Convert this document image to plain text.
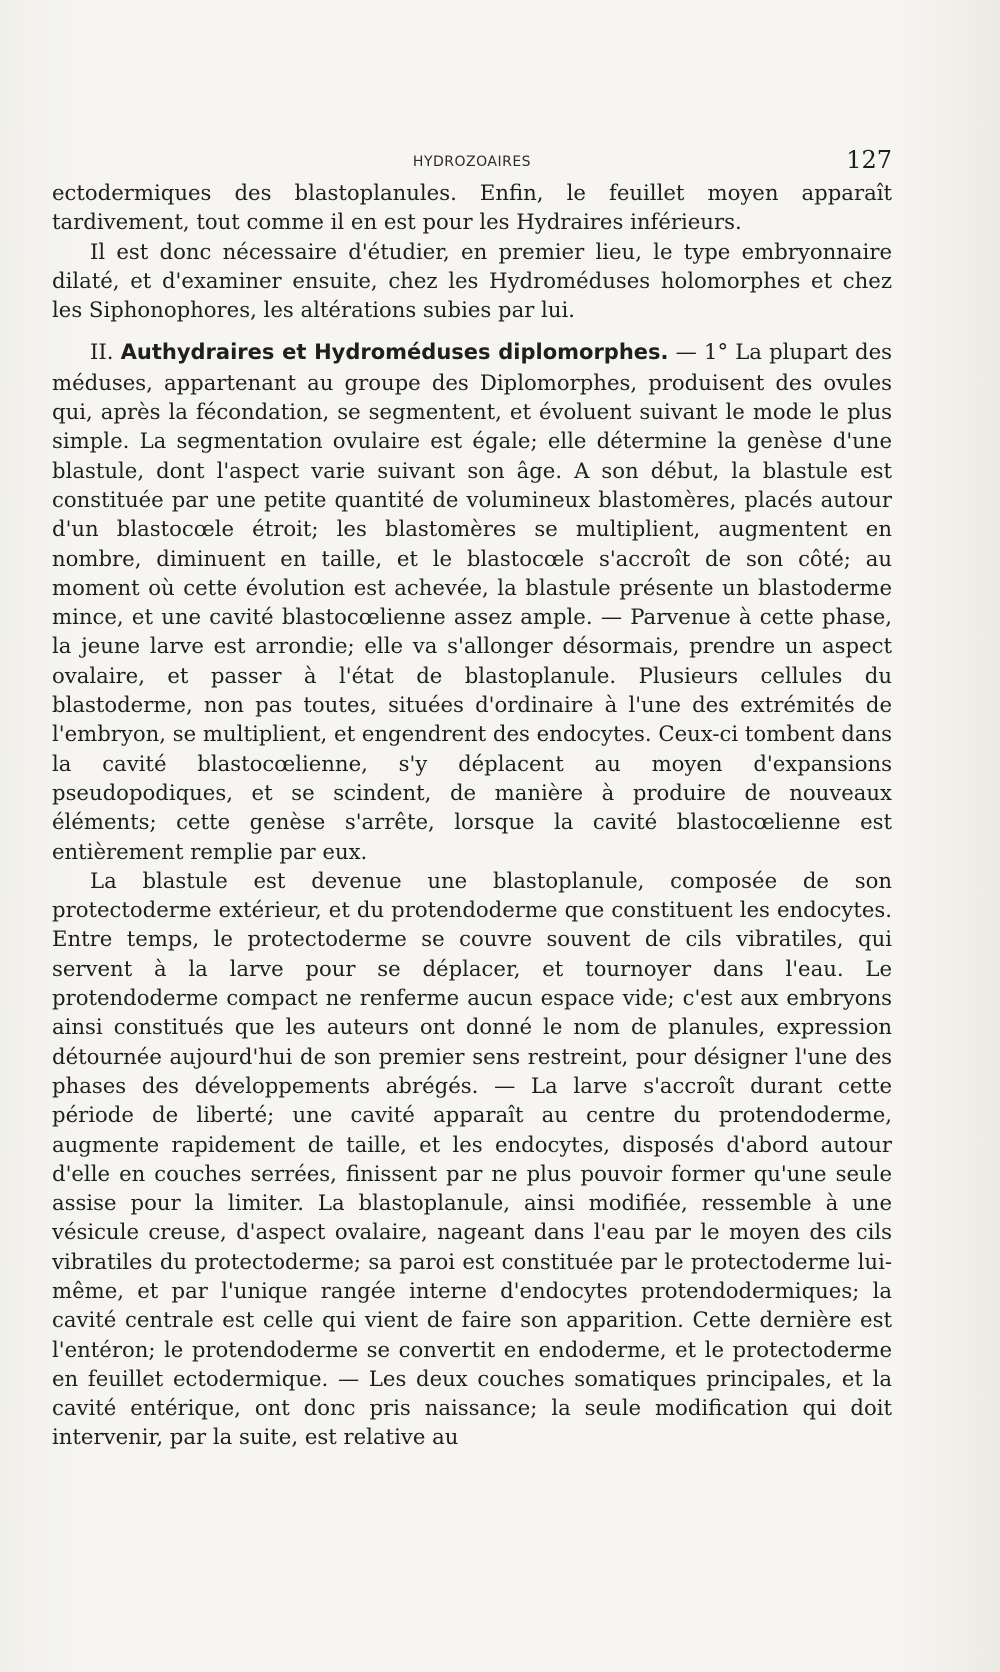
HYDROZOAIRES	127

ectodermiques des blastoplanules. Enfin, le feuillet moyen apparaît tardivement, tout comme il en est pour les Hydraires inférieurs.

Il est donc nécessaire d'étudier, en premier lieu, le type embryonnaire dilaté, et d'examiner ensuite, chez les Hydroméduses holomorphes et chez les Siphonophores, les altérations subies par lui.

II. Authydraires et Hydroméduses diplomorphes. — 1° La plupart des méduses, appartenant au groupe des Diplomorphes, produisent des ovules qui, après la fécondation, se segmentent, et évoluent suivant le mode le plus simple. La segmentation ovulaire est égale; elle détermine la genèse d'une blastule, dont l'aspect varie suivant son âge. A son début, la blastule est constituée par une petite quantité de volumineux blastomères, placés autour d'un blastocœle étroit; les blastomères se multiplient, augmentent en nombre, diminuent en taille, et le blastocœle s'accroît de son côté; au moment où cette évolution est achevée, la blastule présente un blastoderme mince, et une cavité blastocœlienne assez ample. — Parvenue à cette phase, la jeune larve est arrondie; elle va s'allonger désormais, prendre un aspect ovalaire, et passer à l'état de blastoplanule. Plusieurs cellules du blastoderme, non pas toutes, situées d'ordinaire à l'une des extrémités de l'embryon, se multiplient, et engendrent des endocytes. Ceux-ci tombent dans la cavité blastocœlienne, s'y déplacent au moyen d'expansions pseudopodiques, et se scindent, de manière à produire de nouveaux éléments; cette genèse s'arrête, lorsque la cavité blastocœlienne est entièrement remplie par eux.

La blastule est devenue une blastoplanule, composée de son protectoderme extérieur, et du protendoderme que constituent les endocytes. Entre temps, le protectoderme se couvre souvent de cils vibratiles, qui servent à la larve pour se déplacer, et tournoyer dans l'eau. Le protendoderme compact ne renferme aucun espace vide; c'est aux embryons ainsi constitués que les auteurs ont donné le nom de planules, expression détournée aujourd'hui de son premier sens restreint, pour désigner l'une des phases des développements abrégés. — La larve s'accroît durant cette période de liberté; une cavité apparaît au centre du protendoderme, augmente rapidement de taille, et les endocytes, disposés d'abord autour d'elle en couches serrées, finissent par ne plus pouvoir former qu'une seule assise pour la limiter. La blastoplanule, ainsi modifiée, ressemble à une vésicule creuse, d'aspect ovalaire, nageant dans l'eau par le moyen des cils vibratiles du protectoderme; sa paroi est constituée par le protectoderme lui-même, et par l'unique rangée interne d'endocytes protendodermiques; la cavité centrale est celle qui vient de faire son apparition. Cette dernière est l'entéron; le protendoderme se convertit en endoderme, et le protectoderme en feuillet ectodermique. — Les deux couches somatiques principales, et la cavité entérique, ont donc pris naissance; la seule modification qui doit intervenir, par la suite, est relative au
